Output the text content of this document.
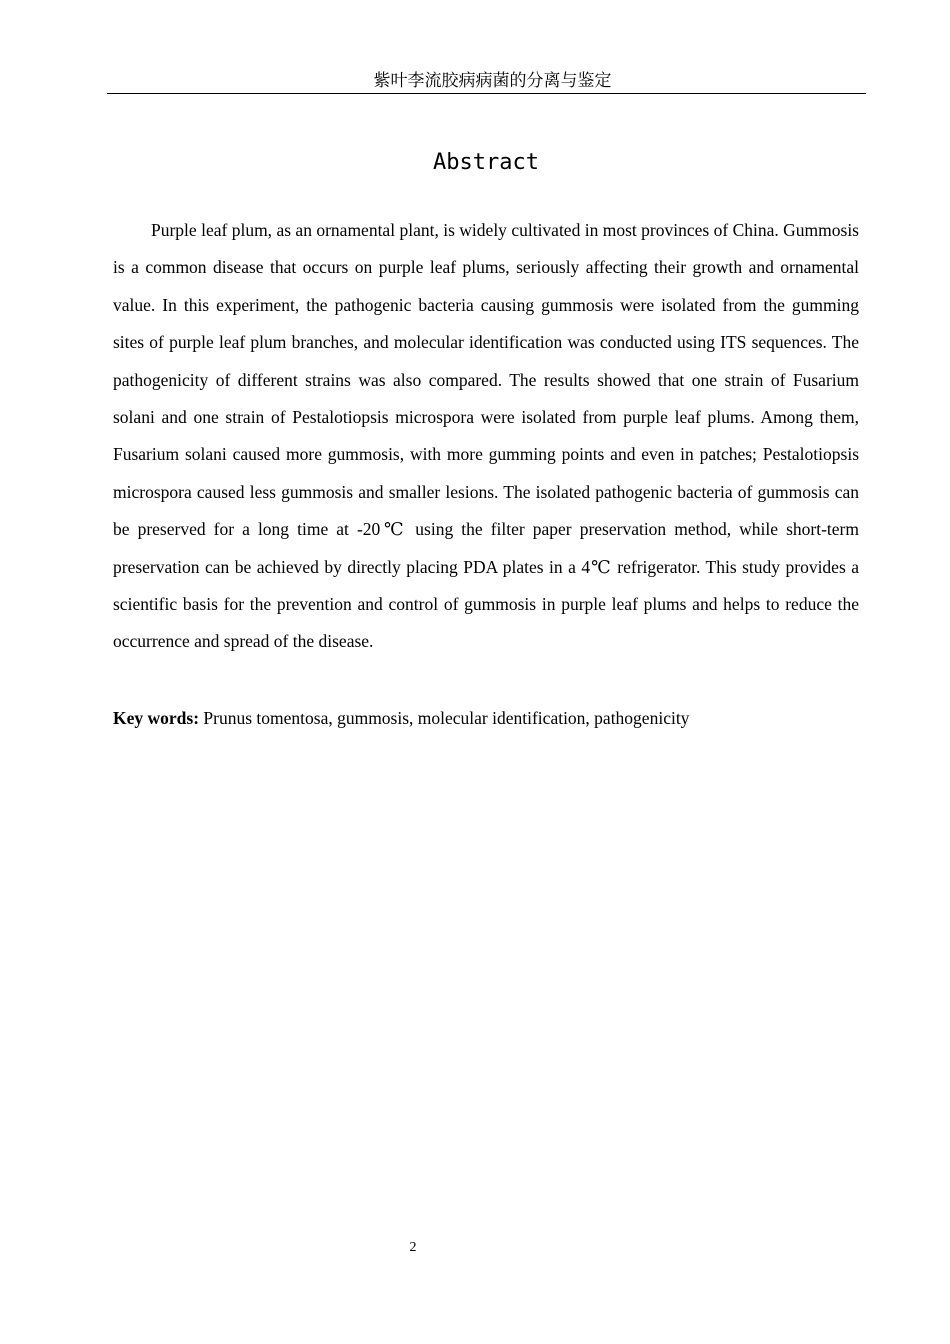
紫叶李流胶病病菌的分离与鉴定
Abstract

Purple leaf plum, as an ornamental plant, is widely cultivated in most provinces of China. Gummosis is a common disease that occurs on purple leaf plums, seriously affecting their growth and ornamental value. In this experiment, the pathogenic bacteria causing gummosis were isolated from the gumming sites of purple leaf plum branches, and molecular identification was conducted using ITS sequences. The pathogenicity of different strains was also compared. The results showed that one strain of Fusarium solani and one strain of Pestalotiopsis microspora were isolated from purple leaf plums. Among them, Fusarium solani caused more gummosis, with more gumming points and even in patches; Pestalotiopsis microspora caused less gummosis and smaller lesions. The isolated pathogenic bacteria of gummosis can be preserved for a long time at -20℃ using the filter paper preservation method, while short-term preservation can be achieved by directly placing PDA plates in a 4℃ refrigerator. This study provides a scientific basis for the prevention and control of gummosis in purple leaf plums and helps to reduce the occurrence and spread of the disease.

Key words: Prunus tomentosa, gummosis, molecular identification, pathogenicity

2
